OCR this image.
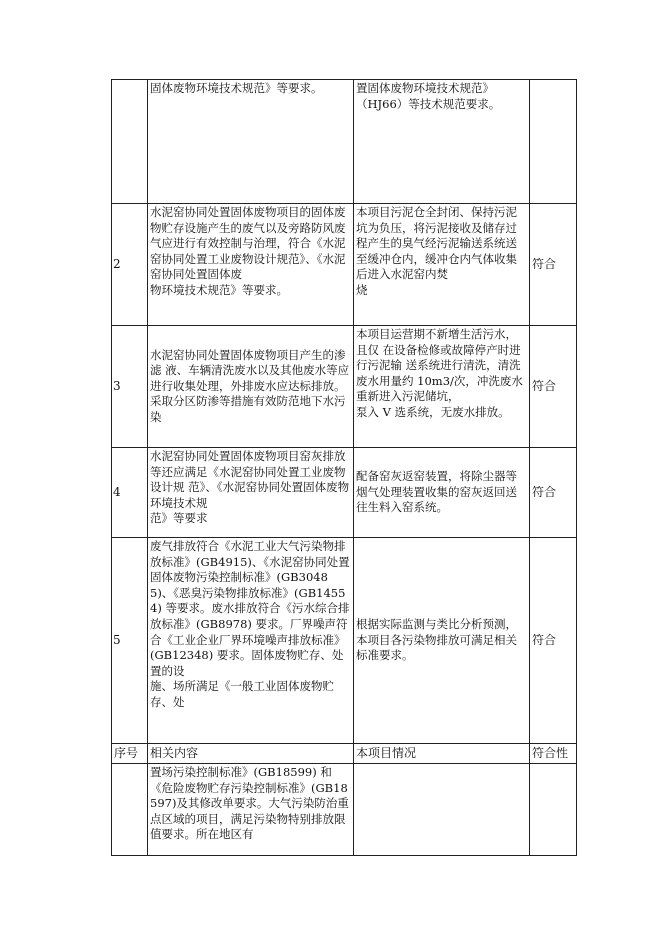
	固体废物环境技术规范》等要求。	置固体废物环境技术规范》
（HJ66）等技术规范要求。	
2	水泥窑协同处置固体废物项目的固体废物贮存设施产生的废气以及旁路防风废气应进行有效控制与治理，符合《水泥窑协同处置工业废物设计规范》、《水泥窑协同处置固体废
物环境技术规范》等要求。	本项目污泥仓全封闭、保持污泥坑为负压，将污泥接收及储存过程产生的臭气经污泥输送系统送至缓冲仓内，缓冲仓内气体收集后进入水泥窑内焚
烧	符合
3	水泥窑协同处置固体废物项目产生的渗滤 液、车辆清洗废水以及其他废水等应进行收集处理，外排废水应达标排放。采取分区防渗等措施有效防范地下水污染	本项目运营期不新增生活污水，且仅 在设备检修或故障停产时进行污泥输 送系统进行清洗，清洗废水用量约 10m3/次，冲洗废水重新进入污泥储坑，
泵入 V 选系统，无废水排放。	符合
4	水泥窑协同处置固体废物项目窑灰排放等还应满足《水泥窑协同处置工业废物设计规 范》、《水泥窑协同处置固体废物环境技术规
范》等要求	配备窑灰返窑装置，将除尘器等烟气处理装置收集的窑灰返回送往生料入窑系统。	符合
5	废气排放符合《水泥工业大气污染物排放标准》(GB4915)、《水泥窑协同处置固体废物污染控制标准》(GB30485)、《恶臭污染物排放标准》(GB14554) 等要求。废水排放符合《污水综合排放标准》(GB8978) 要求。厂界噪声符合《工业企业厂界环境噪声排放标准》
(GB12348) 要求。固体废物贮存、处置的设
施、场所满足《一般工业固体废物贮存、处	根据实际监测与类比分析预测，本项目各污染物排放可满足相关标准要求。	符合
序号	相关内容	本项目情况	符合性
	置场污染控制标准》(GB18599) 和《危险废物贮存污染控制标准》(GB18597)及其修改单要求。大气污染防治重点区域的项目，满足污染物特别排放限值要求。所在地区有		
